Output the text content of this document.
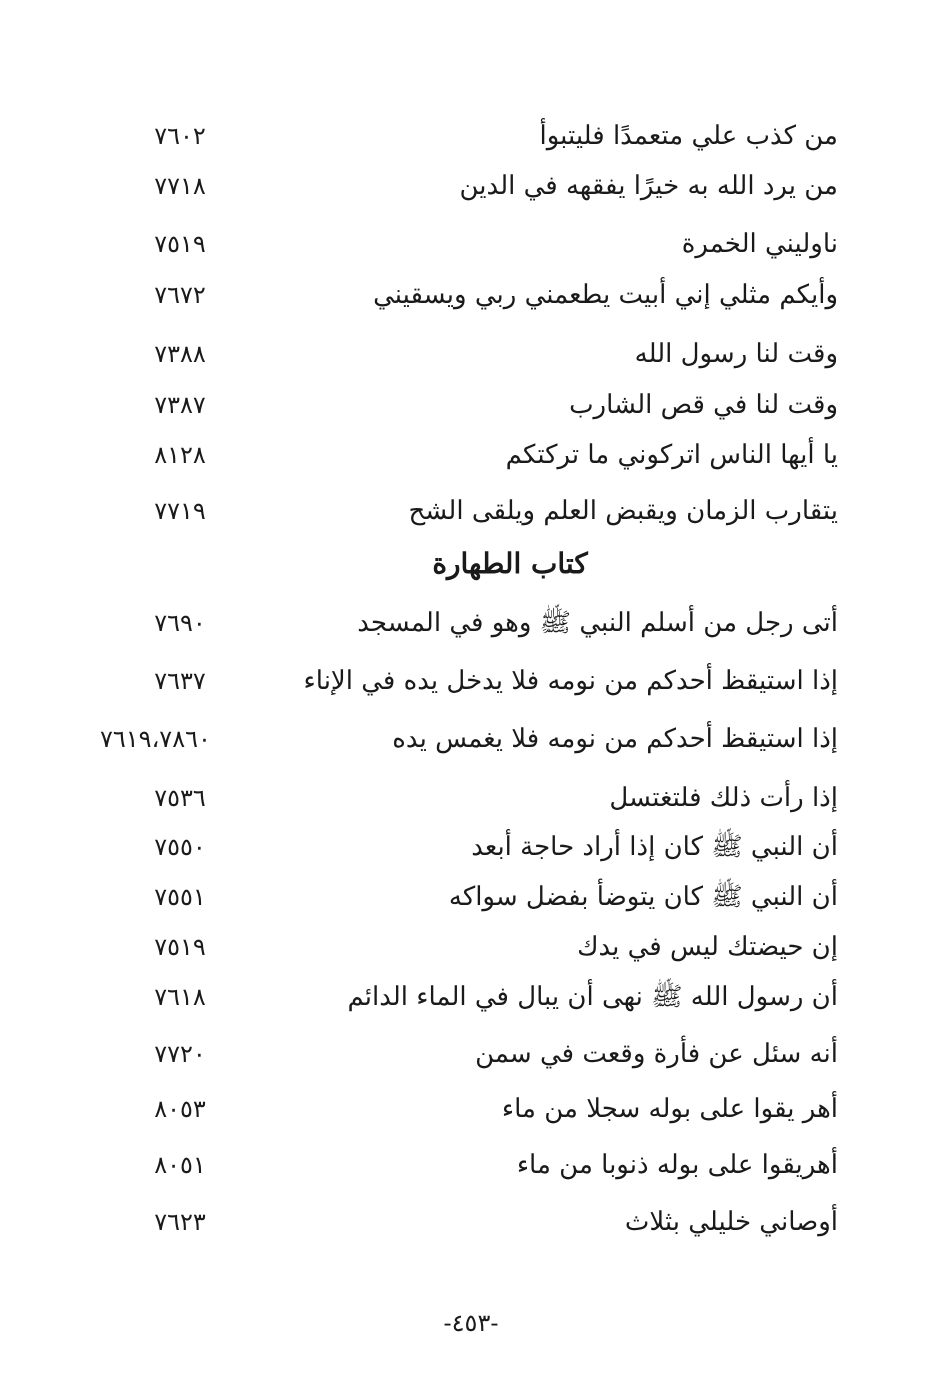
من كذب علي متعمدًا فليتبوأ
٧٦٠٢
من يرد الله به خيرًا يفقهه في الدين
٧٧١٨
ناوليني الخمرة
٧٥١٩
وأيكم مثلي إني أبيت يطعمني ربي ويسقيني
٧٦٧٢
وقت لنا رسول الله
٧٣٨٨
وقت لنا في قص الشارب
٧٣٨٧
يا أيها الناس اتركوني ما تركتكم
٨١٢٨
يتقارب الزمان ويقبض العلم ويلقى الشح
٧٧١٩
كتاب الطهارة
أتى رجل من أسلم النبي ﷺ وهو في المسجد
٧٦٩٠
إذا استيقظ أحدكم من نومه فلا يدخل يده في الإناء
٧٦٣٧
إذا استيقظ أحدكم من نومه فلا يغمس يده
٧٦١٩،٧٨٦٠
إذا رأت ذلك فلتغتسل
٧٥٣٦
أن النبي ﷺ كان إذا أراد حاجة أبعد
٧٥٥٠
أن النبي ﷺ كان يتوضأ بفضل سواكه
٧٥٥١
إن حيضتك ليس في يدك
٧٥١٩
أن رسول الله ﷺ نهى أن يبال في الماء الدائم
٧٦١٨
أنه سئل عن فأرة وقعت في سمن
٧٧٢٠
أهر يقوا على بوله سجلا من ماء
٨٠٥٣
أهريقوا على بوله ذنوبا من ماء
٨٠٥١
أوصاني خليلي بثلاث
٧٦٢٣
-٤٥٣-
